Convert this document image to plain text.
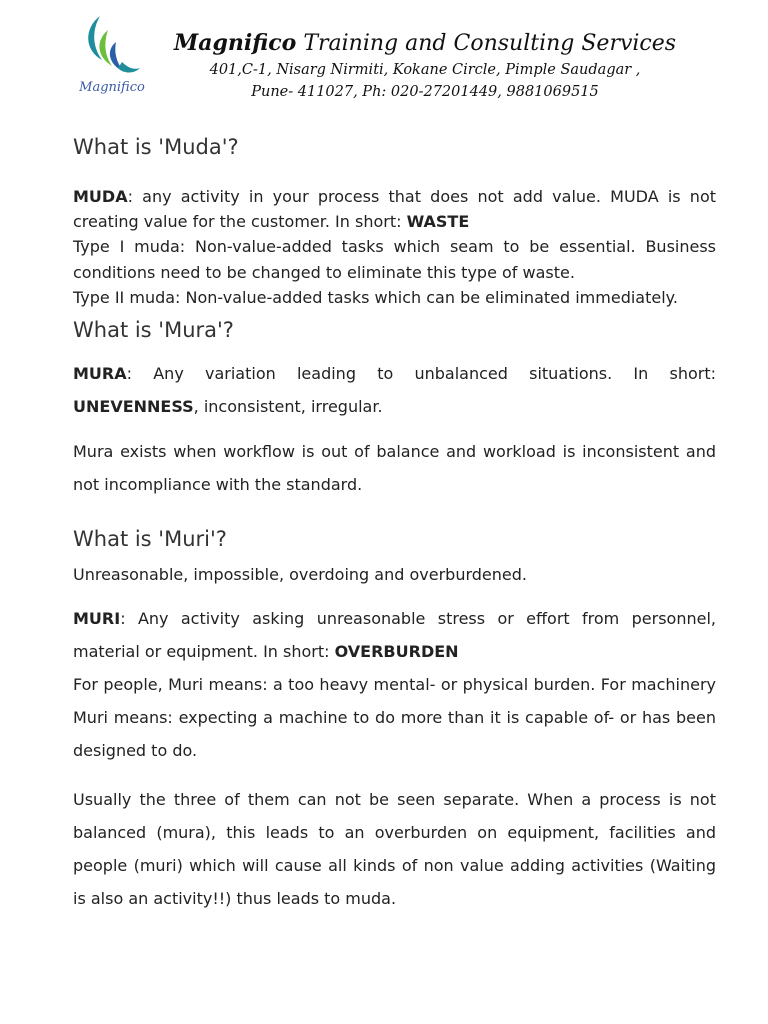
Magnifico
Magnifico Training and Consulting Services
401,C-1, Nisarg Nirmiti, Kokane Circle, Pimple Saudagar ,
Pune- 411027, Ph: 020-27201449, 9881069515
What is 'Muda'?

MUDA: any activity in your process that does not add value. MUDA is not creating value for the customer. In short: WASTE

Type I muda: Non-value-added tasks which seam to be essential. Business conditions need to be changed to eliminate this type of waste.

Type II muda: Non-value-added tasks which can be eliminated immediately.

What is 'Mura'?

MURA: Any variation leading to unbalanced situations. In short: UNEVENNESS, inconsistent, irregular.

Mura exists when workflow is out of balance and workload is inconsistent and not incompliance with the standard.

What is 'Muri'?

Unreasonable, impossible, overdoing and overburdened.

MURI: Any activity asking unreasonable stress or effort from personnel, material or equipment. In short: OVERBURDEN

For people, Muri means: a too heavy mental- or physical burden. For machinery Muri means: expecting a machine to do more than it is capable of- or has been designed to do.

Usually the three of them can not be seen separate. When a process is not balanced (mura), this leads to an overburden on equipment, facilities and people (muri) which will cause all kinds of non value adding activities (Waiting is also an activity!!) thus leads to muda.
